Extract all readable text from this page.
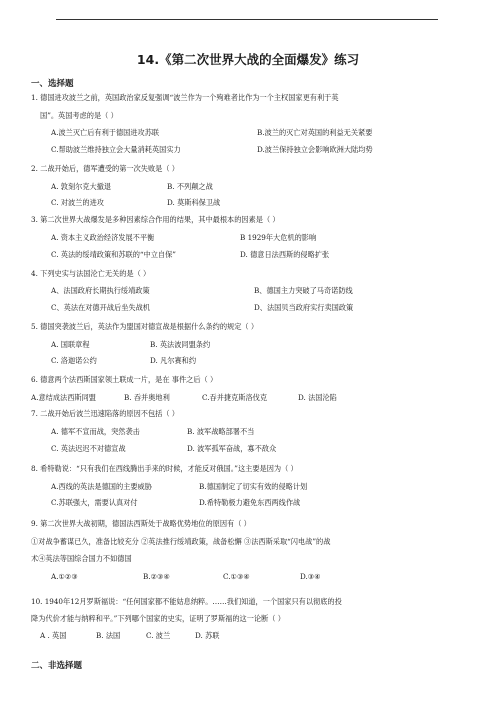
14.《第二次世界大战的全面爆发》练习
一、选择题
1. 德国进攻波兰之前，英国政治家反复强调“波兰作为一个殉难者比作为一个主权国家更有利于英
国”。英国考虑的是（ ）
A.波兰灭亡后有利于德国进攻苏联	B.波兰的灭亡对英国的利益无关紧要
C.帮助波兰维持独立会大量消耗英国实力	D.波兰保持独立会影响欧洲大陆均势
2. 二战开始后，德军遭受的第一次失败是（ ）
A. 敦刻尔克大撤退	B. 不列颠之战
C. 对波兰的进攻	D. 莫斯科保卫战
3. 第二次世界大战爆发是多种因素综合作用的结果，其中最根本的因素是（ ）
A. 资本主义政治经济发展不平衡	B 1929年大危机的影响
C. 英法的绥靖政策和苏联的“中立自保”	D. 德意日法西斯的侵略扩张
4. 下列史实与法国沦亡无关的是（ ）
A、法国政府长期执行绥靖政策	B、德国主力突破了马奇诺防线
C、英法在对德开战后坐失战机	D、法国贝当政府实行卖国政策
5. 德国突袭波兰后，英法作为盟国对德宣战是根据什么条约的规定（ ）
A. 国联章程	B. 英法波同盟条约
C. 洛迦诺公约	D. 凡尔赛和约
6. 德意两个法西斯国家领土联成一片，是在 事件之后（ ）
A.意结成法西斯同盟	B. 吞并奥地利	C.吞并捷克斯洛伐克	D. 法国沦陷
7. 二战开始后波兰迅速陷落的原因不包括（ ）
A. 德军不宣而战，突然袭击	B. 波军战略部署不当
C. 英法迟迟不对德宣战	D. 波军孤军奋战，寡不敌众
8. 希特勒说：“只有我们在西线腾出手来的时候，才能反对俄国。”这主要是因为（ ）
A.西线的英法是德国的主要威胁	B.德国制定了切实有效的侵略计划
C.苏联强大，需要认真对付	D.希特勒极力避免东西两线作战
9. 第二次世界大战初期，德国法西斯处于战略优势地位的原因有（ ）
①对战争蓄谋已久，准备比较充分 ②英法推行绥靖政策，战备松懈 ③法西斯采取“闪电战”的战
术④英法等国综合国力不如德国
A.①②③	B.②③④	C.①③④	D.③④
10. 1940年12月罗斯福说：“任何国家都不能姑息纳粹。……我们知道，一个国家只有以彻底的投
降为代价才能与纳粹和平。”下列哪个国家的史实，证明了罗斯福的这一论断（ ）
A . 英国	B. 法国	C. 波兰	D. 苏联
二、非选择题
